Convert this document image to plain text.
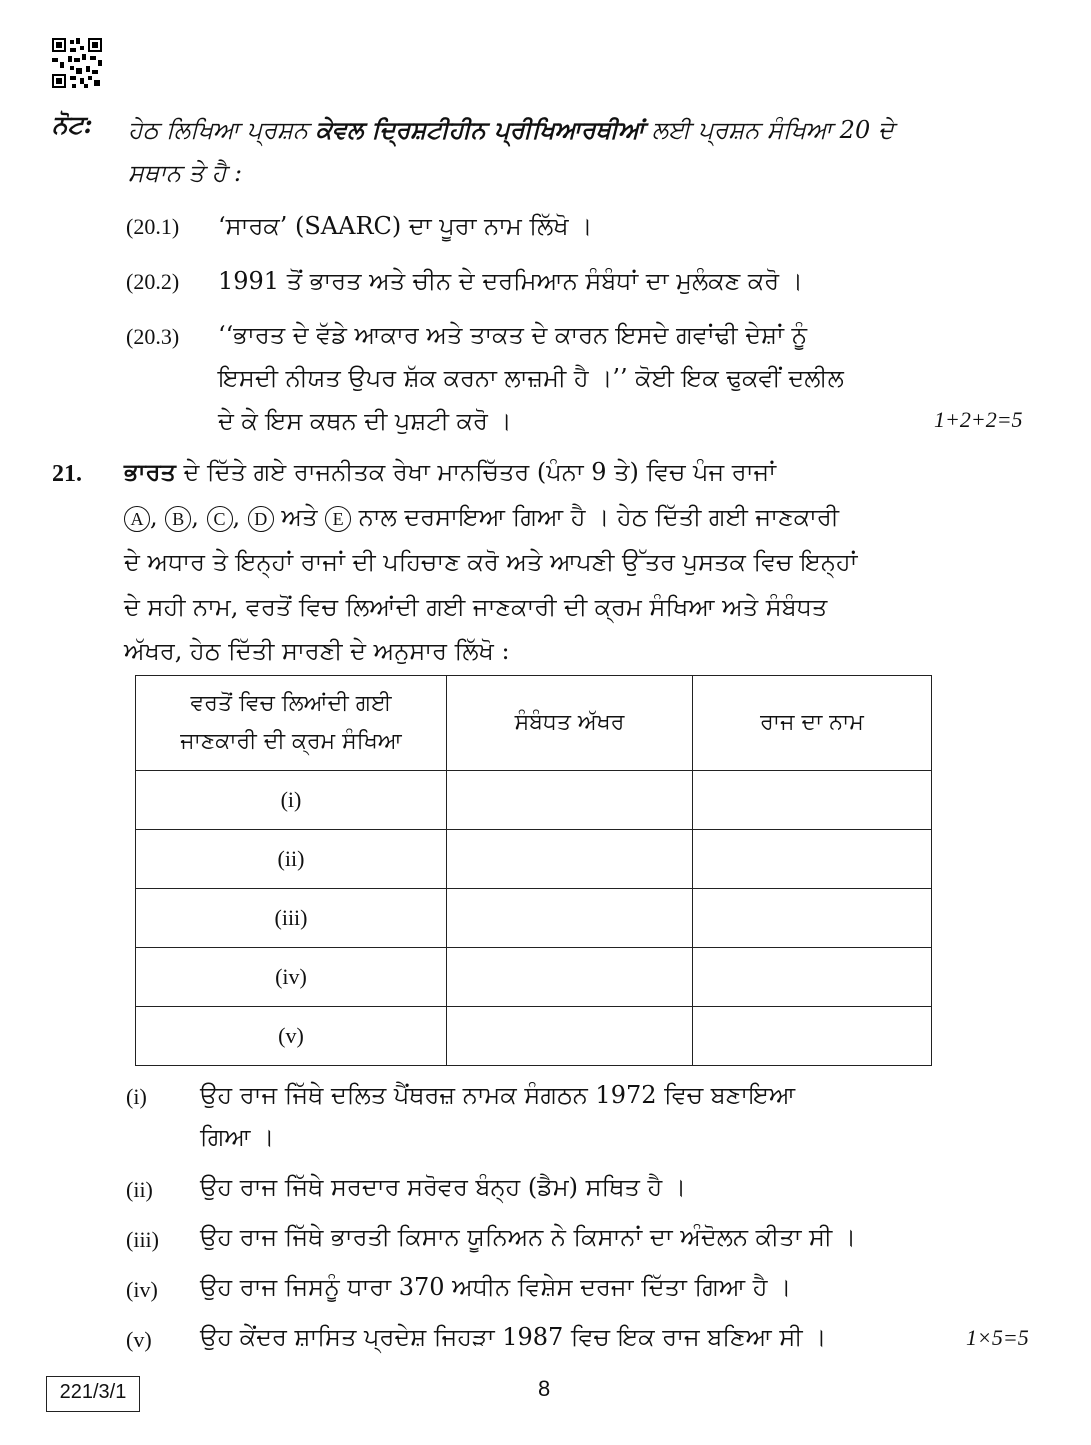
ਨੋਟ: ਹੇਠ ਲਿਖਿਆ ਪ੍ਰਸ਼ਨ ਕੇਵਲ ਦ੍ਰਿਸ਼ਟੀਹੀਨ ਪ੍ਰੀਖਿਆਰਥੀਆਂ ਲਈ ਪ੍ਰਸ਼ਨ ਸੰਖਿਆ 20 ਦੇ
ਸਥਾਨ ਤੇ ਹੈ :
(20.1) ‘ਸਾਰਕ’ (SAARC) ਦਾ ਪੂਰਾ ਨਾਮ ਲਿੱਖੋ ।
(20.2) 1991 ਤੋਂ ਭਾਰਤ ਅਤੇ ਚੀਨ ਦੇ ਦਰਮਿਆਨ ਸੰਬੰਧਾਂ ਦਾ ਮੁਲੰਕਣ ਕਰੋ ।
(20.3) ‘‘ਭਾਰਤ ਦੇ ਵੱਡੇ ਆਕਾਰ ਅਤੇ ਤਾਕਤ ਦੇ ਕਾਰਨ ਇਸਦੇ ਗਵਾਂਢੀ ਦੇਸ਼ਾਂ ਨੂੰ
ਇਸਦੀ ਨੀਯਤ ਉਪਰ ਸ਼ੱਕ ਕਰਨਾ ਲਾਜ਼ਮੀ ਹੈ ।’’ ਕੋਈ ਇਕ ਢੁਕਵੀਂ ਦਲੀਲ
ਦੇ ਕੇ ਇਸ ਕਥਨ ਦੀ ਪੁਸ਼ਟੀ ਕਰੋ ।	1+2+2=5
21. ਭਾਰਤ ਦੇ ਦਿੱਤੇ ਗਏ ਰਾਜਨੀਤਕ ਰੇਖਾ ਮਾਨਚਿੱਤਰ (ਪੰਨਾ 9 ਤੇ) ਵਿਚ ਪੰਜ ਰਾਜਾਂ
A , B , C , D ਅਤੇ E ਨਾਲ ਦਰਸਾਇਆ ਗਿਆ ਹੈ । ਹੇਠ ਦਿੱਤੀ ਗਈ ਜਾਣਕਾਰੀ
ਦੇ ਅਧਾਰ ਤੇ ਇਨ੍ਹਾਂ ਰਾਜਾਂ ਦੀ ਪਹਿਚਾਣ ਕਰੋ ਅਤੇ ਆਪਣੀ ਉੱਤਰ ਪੁਸਤਕ ਵਿਚ ਇਨ੍ਹਾਂ
ਦੇ ਸਹੀ ਨਾਮ, ਵਰਤੋਂ ਵਿਚ ਲਿਆਂਦੀ ਗਈ ਜਾਣਕਾਰੀ ਦੀ ਕ੍ਰਮ ਸੰਖਿਆ ਅਤੇ ਸੰਬੰਧਤ
ਅੱਖਰ, ਹੇਠ ਦਿੱਤੀ ਸਾਰਣੀ ਦੇ ਅਨੁਸਾਰ ਲਿੱਖੋ :
ਵਰਤੋਂ ਵਿਚ ਲਿਆਂਦੀ ਗਈ
ਜਾਣਕਾਰੀ ਦੀ ਕ੍ਰਮ ਸੰਖਿਆ	ਸੰਬੰਧਤ ਅੱਖਰ	ਰਾਜ ਦਾ ਨਾਮ
(i)		
(ii)		
(iii)		
(iv)		
(v)		
(i) ਉਹ ਰਾਜ ਜਿੱਥੇ ਦਲਿਤ ਪੈਂਥਰਜ਼ ਨਾਮਕ ਸੰਗਠਨ 1972 ਵਿਚ ਬਣਾਇਆ
ਗਿਆ ।
(ii) ਉਹ ਰਾਜ ਜਿੱਥੇ ਸਰਦਾਰ ਸਰੋਵਰ ਬੰਨ੍ਹ (ਡੈਮ) ਸਥਿਤ ਹੈ ।
(iii) ਉਹ ਰਾਜ ਜਿੱਥੇ ਭਾਰਤੀ ਕਿਸਾਨ ਯੂਨਿਅਨ ਨੇ ਕਿਸਾਨਾਂ ਦਾ ਅੰਦੋਲਨ ਕੀਤਾ ਸੀ ।
(iv) ਉਹ ਰਾਜ ਜਿਸਨੂੰ ਧਾਰਾ 370 ਅਧੀਨ ਵਿਸ਼ੇਸ ਦਰਜਾ ਦਿੱਤਾ ਗਿਆ ਹੈ ।
(v) ਉਹ ਕੇਂਦਰ ਸ਼ਾਸਿਤ ਪ੍ਰਦੇਸ਼ ਜਿਹੜਾ 1987 ਵਿਚ ਇਕ ਰਾਜ ਬਣਿਆ ਸੀ ।	1×5=5
221/3/1	8
